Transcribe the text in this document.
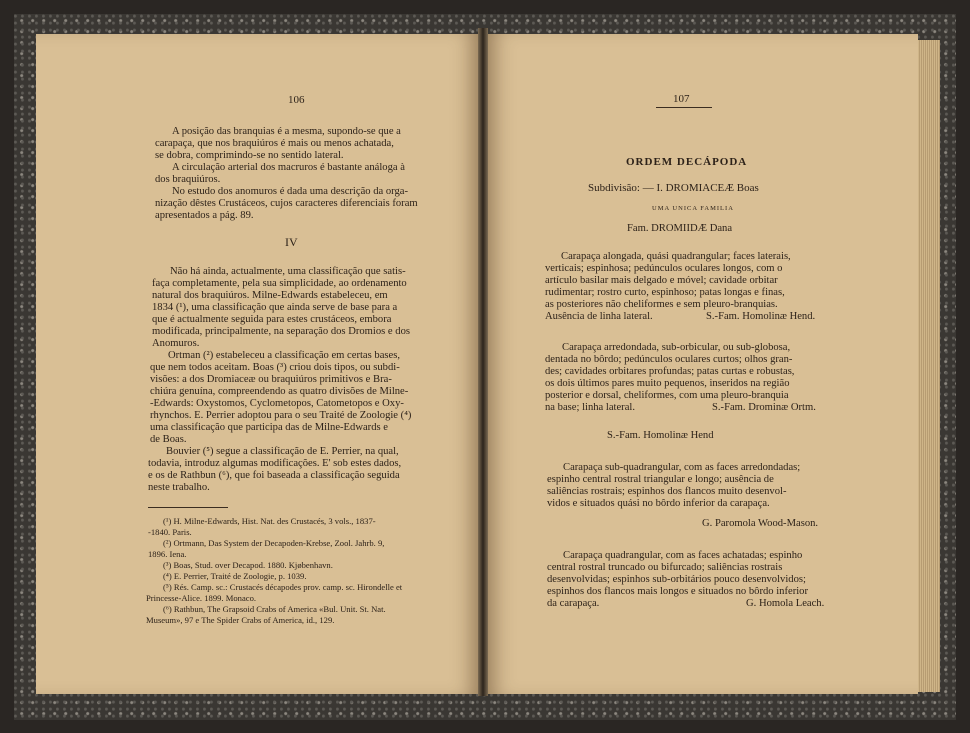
106
A posição das branquias é a mesma, supondo-se que a
carapaça, que nos braquiúros é mais ou menos achatada,
se dobra, comprimindo-se no sentido lateral.
A circulação arterial dos macruros é bastante análoga à
dos braquiúros.
No estudo dos anomuros é dada uma descrição da orga-
nização dêstes Crustáceos, cujos caracteres diferenciais foram
apresentados a pág. 89.
IV
Não há ainda, actualmente, uma classificação que satis-
faça completamente, pela sua simplicidade, ao ordenamento
natural dos braquiúros. Milne-Edwards estabeleceu, em
1834 (¹), uma classificação que ainda serve de base para a
que é actualmente seguida para estes crustáceos, embora
modificada, principalmente, na separação dos Dromios e dos
Anomuros.
Ortman (²) estabeleceu a classificação em certas bases,
que nem todos aceitam. Boas (³) criou dois tipos, ou subdi-
visões: a dos Dromiaceæ ou braquiúros primitivos e Bra-
chiúra genuína, compreendendo as quatro divisões de Milne-
-Edwards: Oxystomos, Cyclometopos, Catometopos e Oxy-
rhynchos. E. Perrier adoptou para o seu Traité de Zoologie (⁴)
uma classificação que participa das de Milne-Edwards e
de Boas.
Bouvier (⁵) segue a classificação de E. Perrier, na qual,
todavia, introduz algumas modificações. E' sob estes dados,
e os de Rathbun (⁶), que foi baseada a classificação seguida
neste trabalho.
(¹) H. Milne-Edwards, Hist. Nat. des Crustacés, 3 vols., 1837-
-1840. Paris.
(²) Ortmann, Das System der Decapoden-Krebse, Zool. Jahrb. 9,
1896. Iena.
(³) Boas, Stud. over Decapod. 1880. Kjøbenhavn.
(⁴) E. Perrier, Traité de Zoologie, p. 1039.
(⁵) Rés. Camp. sc.: Crustacés décapodes prov. camp. sc. Hirondelle et
Princesse-Alice. 1899. Monaco.
(⁶) Rathbun, The Grapsoid Crabs of America «Bul. Unit. St. Nat.
Museum», 97 e The Spider Crabs of America, id., 129.
107
ORDEM DECÁPODA
Subdivisão: — I. DROMIACEÆ Boas
UMA UNICA FAMILIA
Fam. DROMIIDÆ Dana
Carapaça alongada, quási quadrangular; faces laterais,
verticais; espinhosa; pedúnculos oculares longos, com o
artículo basilar mais delgado e móvel; cavidade orbitar
rudimentar; rostro curto, espinhoso; patas longas e finas,
as posteriores não cheliformes e sem pleuro-branquias.
Ausência de linha lateral.	S.-Fam. Homolinæ Hend.
Carapaça arredondada, sub-orbicular, ou sub-globosa,
dentada no bôrdo; pedúnculos oculares curtos; olhos gran-
des; cavidades orbitares profundas; patas curtas e robustas,
os dois últimos pares muito pequenos, inseridos na região
posterior e dorsal, cheliformes, com uma pleuro-branquia
na base; linha lateral.	S.-Fam. Drominæ Ortm.
S.-Fam. Homolinæ Hend
Carapaça sub-quadrangular, com as faces arredondadas;
espinho central rostral triangular e longo; ausência de
saliências rostrais; espinhos dos flancos muito desenvol-
vidos e situados quási no bôrdo inferior da carapaça.
G. Paromola Wood-Mason.
Carapaça quadrangular, com as faces achatadas; espinho
central rostral truncado ou bifurcado; saliências rostrais
desenvolvidas; espinhos sub-orbitários pouco desenvolvidos;
espinhos dos flancos mais longos e situados no bôrdo inferior
da carapaça.	G. Homola Leach.
